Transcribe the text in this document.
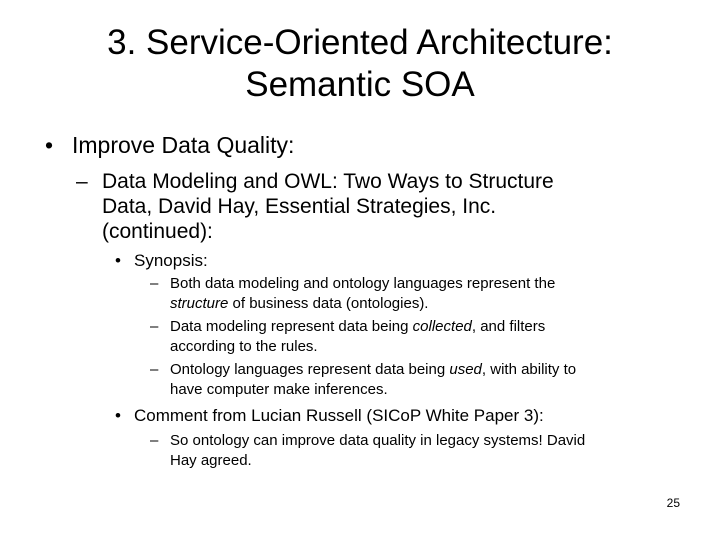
3. Service-Oriented Architecture:
Semantic SOA
• Improve Data Quality:
– Data Modeling and OWL: Two Ways to Structure
Data, David Hay, Essential Strategies, Inc.
(continued):
• Synopsis:
– Both data modeling and ontology languages represent the
structure of business data (ontologies).
– Data modeling represent data being collected, and filters
according to the rules.
– Ontology languages represent data being used, with ability to
have computer make inferences.
• Comment from Lucian Russell (SICoP White Paper 3):
– So ontology can improve data quality in legacy systems! David
Hay agreed.
25
